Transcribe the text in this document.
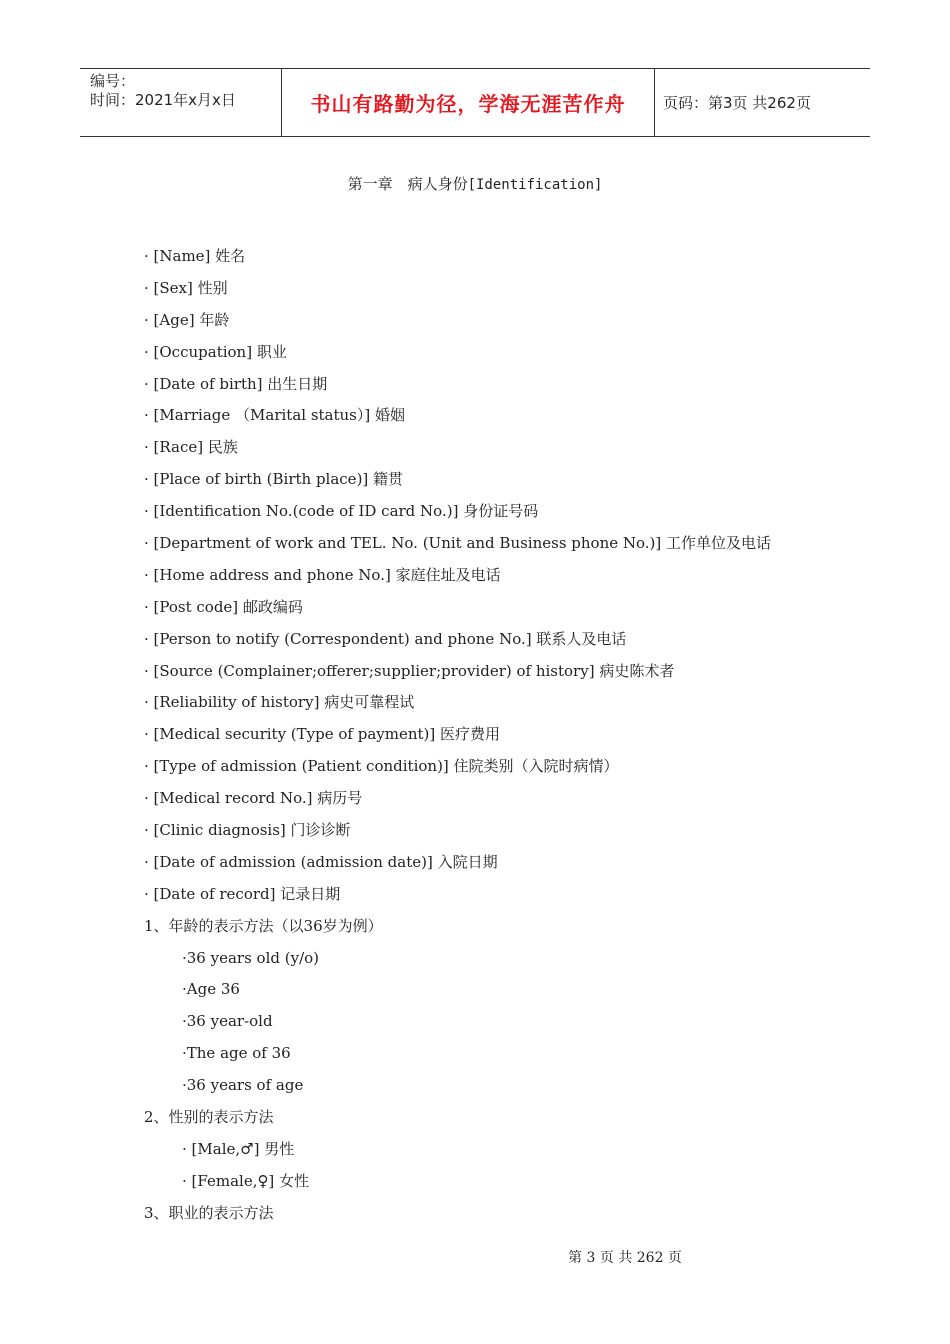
编号：
时间：2021年x月x日	书山有路勤为径，学海无涯苦作舟	页码：第3页 共262页
第一章　病人身份[Identification]
· [Name] 姓名
· [Sex] 性别
· [Age] 年龄
· [Occupation] 职业
· [Date of birth] 出生日期
· [Marriage （Marital status）] 婚姻
· [Race] 民族
· [Place of birth (Birth place)] 籍贯
· [Identification No.(code of ID card No.)] 身份证号码
· [Department of work and TEL. No. (Unit and Business phone No.)] 工作单位及电话
· [Home address and phone No.] 家庭住址及电话
· [Post code] 邮政编码
· [Person to notify (Correspondent) and phone No.] 联系人及电话
· [Source (Complainer;offerer;supplier;provider) of history] 病史陈术者
· [Reliability of history] 病史可靠程试
· [Medical security (Type of payment)] 医疗费用
· [Type of admission (Patient condition)] 住院类别（入院时病情）
· [Medical record No.] 病历号
· [Clinic diagnosis] 门诊诊断
· [Date of admission (admission date)] 入院日期
· [Date of record] 记录日期
1、年龄的表示方法（以36岁为例）
·36 years old (y/o)
·Age 36
·36 year-old
·The age of 36
·36 years of age
2、性别的表示方法
· [Male,♂] 男性
· [Female,♀] 女性
3、职业的表示方法
第 3 页 共 262 页
